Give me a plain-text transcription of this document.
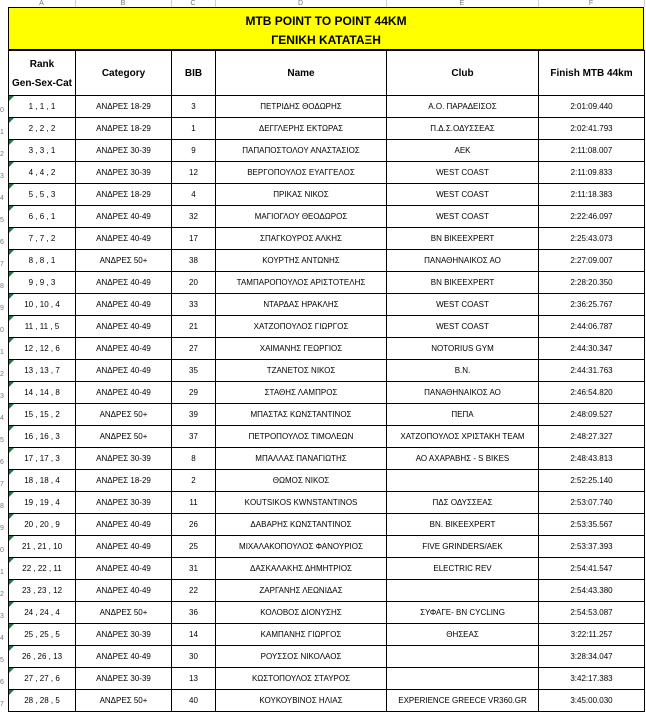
A	B	C	D	E	F
0
1
2
3
4
5
6
7
8
9
0
1
2
3
4
5
6
7
8
9
0
1
2
3
4
5
6
7
MTB POINT TO POINT 44KM
ΓΕΝΙΚΗ ΚΑΤΑΤΑΞΗ
Rank
Gen-Sex-Cat	Category	BIB	Name	Club	Finish MTB 44km

1 , 1 , 1	ΑΝΔΡΕΣ 18-29	3	ΠΕΤΡΙΔΗΣ ΘΟΔΩΡΗΣ	Α.Ο. ΠΑΡΑΔΕΙΣΟΣ	2:01:09.440

2 , 2 , 2	ΑΝΔΡΕΣ 18-29	1	ΔΕΓΓΛΕΡΗΣ ΕΚΤΩΡΑΣ	Π.Δ.Σ.ΟΔΥΣΣΕΑΣ	2:02:41.793

3 , 3 , 1	ΑΝΔΡΕΣ 30-39	9	ΠΑΠΑΠΟΣΤΟΛΟΥ ΑΝΑΣΤΑΣΙΟΣ	ΑΕΚ	2:11:08.007

4 , 4 , 2	ΑΝΔΡΕΣ 30-39	12	ΒΕΡΓΟΠΟΥΛΟΣ ΕΥΑΓΓΕΛΟΣ	WEST COAST	2:11:09.833

5 , 5 , 3	ΑΝΔΡΕΣ 18-29	4	ΠΡΙΚΑΣ ΝΙΚΟΣ	WEST COAST	2:11:18.383

6 , 6 , 1	ΑΝΔΡΕΣ 40-49	32	ΜΑΓΙΟΓΛΟΥ ΘΕΟΔΩΡΟΣ	WEST COAST	2:22:46.097

7 , 7 , 2	ΑΝΔΡΕΣ 40-49	17	ΣΠΑΓΚΟΥΡΟΣ ΑΛΚΗΣ	BN BIKEEXPERT	2:25:43.073

8 , 8 , 1	ΑΝΔΡΕΣ 50+	38	ΚΟΥΡΤΗΣ ΑΝΤΩΝΗΣ	ΠΑΝΑΘΗΝΑΙΚΟΣ ΑΟ	2:27:09.007

9 , 9 , 3	ΑΝΔΡΕΣ 40-49	20	ΤΑΜΠΑΡΟΠΟΥΛΟΣ ΑΡΙΣΤΟΤΕΛΗΣ	BN BIKEEXPERT	2:28:20.350

10 , 10 , 4	ΑΝΔΡΕΣ 40-49	33	ΝΤΑΡΔΑΣ ΗΡΑΚΛΗΣ	WEST COAST	2:36:25.767

11 , 11 , 5	ΑΝΔΡΕΣ 40-49	21	ΧΑΤΖΟΠΟΥΛΟΣ ΓΙΩΡΓΟΣ	WEST COAST	2:44:06.787

12 , 12 , 6	ΑΝΔΡΕΣ 40-49	27	ΧΑΙΜΑΝΗΣ ΓΕΩΡΓΙΟΣ	NOTORIUS GYM	2:44:30.347

13 , 13 , 7	ΑΝΔΡΕΣ 40-49	35	ΤΖΑΝΕΤΟΣ ΝΙΚΟΣ	B.N.	2:44:31.763

14 , 14 , 8	ΑΝΔΡΕΣ 40-49	29	ΣΤΑΘΗΣ ΛΑΜΠΡΟΣ	ΠΑΝΑΘΗΝΑΙΚΟΣ ΑΟ	2:46:54.820

15 , 15 , 2	ΑΝΔΡΕΣ 50+	39	ΜΠΑΣΤΑΣ ΚΩΝΣΤΑΝΤΙΝΟΣ	ΠΕΠΑ	2:48:09.527

16 , 16 , 3	ΑΝΔΡΕΣ 50+	37	ΠΕΤΡΟΠΟΥΛΟΣ ΤΙΜΟΛΕΩΝ	ΧΑΤΖΟΠΟΥΛΟΣ ΧΡΙΣΤΑΚΗ TEAM	2:48:27.327

17 , 17 , 3	ΑΝΔΡΕΣ 30-39	8	ΜΠΑΛΛΑΣ ΠΑΝΑΓΙΩΤΗΣ	ΑΟ ΑΧΑΡΑΒΗΣ - S BIKES	2:48:43.813

18 , 18 , 4	ΑΝΔΡΕΣ 18-29	2	ΘΩΜΟΣ ΝΙΚΟΣ		2:52:25.140

19 , 19 , 4	ΑΝΔΡΕΣ 30-39	11	KOUTSIKOS KWNSTANTINOS	ΠΔΣ ΟΔΥΣΣΕΑΣ	2:53:07.740

20 , 20 , 9	ΑΝΔΡΕΣ 40-49	26	ΔΑΒΑΡΗΣ ΚΩΝΣΤΑΝΤΙΝΟΣ	BN. BIKEEXPERT	2:53:35.567

21 , 21 , 10	ΑΝΔΡΕΣ 40-49	25	ΜΙΧΑΛΑΚΟΠΟΥΛΟΣ ΦΑΝΟΥΡΙΟΣ	FIVE GRINDERS/AEK	2:53:37.393

22 , 22 , 11	ΑΝΔΡΕΣ 40-49	31	ΔΑΣΚΑΛΑΚΗΣ ΔΗΜΗΤΡΙΟΣ	ELECTRIC REV	2:54:41.547

23 , 23 , 12	ΑΝΔΡΕΣ 40-49	22	ΖΑΡΓΑΝΗΣ ΛΕΩΝΙΔΑΣ		2:54:43.380

24 , 24 , 4	ΑΝΔΡΕΣ 50+	36	ΚΟΛΟΒΟΣ ΔΙΟΝΥΣΗΣ	ΣΥΦΑΓΕ- BN CYCLING	2:54:53.087

25 , 25 , 5	ΑΝΔΡΕΣ 30-39	14	ΚΑΜΠΑΝΗΣ ΓΙΩΡΓΟΣ	ΘΗΣΕΑΣ	3:22:11.257

26 , 26 , 13	ΑΝΔΡΕΣ 40-49	30	ΡΟΥΣΣΟΣ ΝΙΚΟΛΑΟΣ		3:28:34.047

27 , 27 , 6	ΑΝΔΡΕΣ 30-39	13	ΚΩΣΤΟΠΟΥΛΟΣ ΣΤΑΥΡΟΣ		3:42:17.383

28 , 28 , 5	ΑΝΔΡΕΣ 50+	40	ΚΟΥΚΟΥΒΙΝΟΣ ΗΛΙΑΣ	EXPERIENCE GREECE VR360.GR	3:45:00.030
